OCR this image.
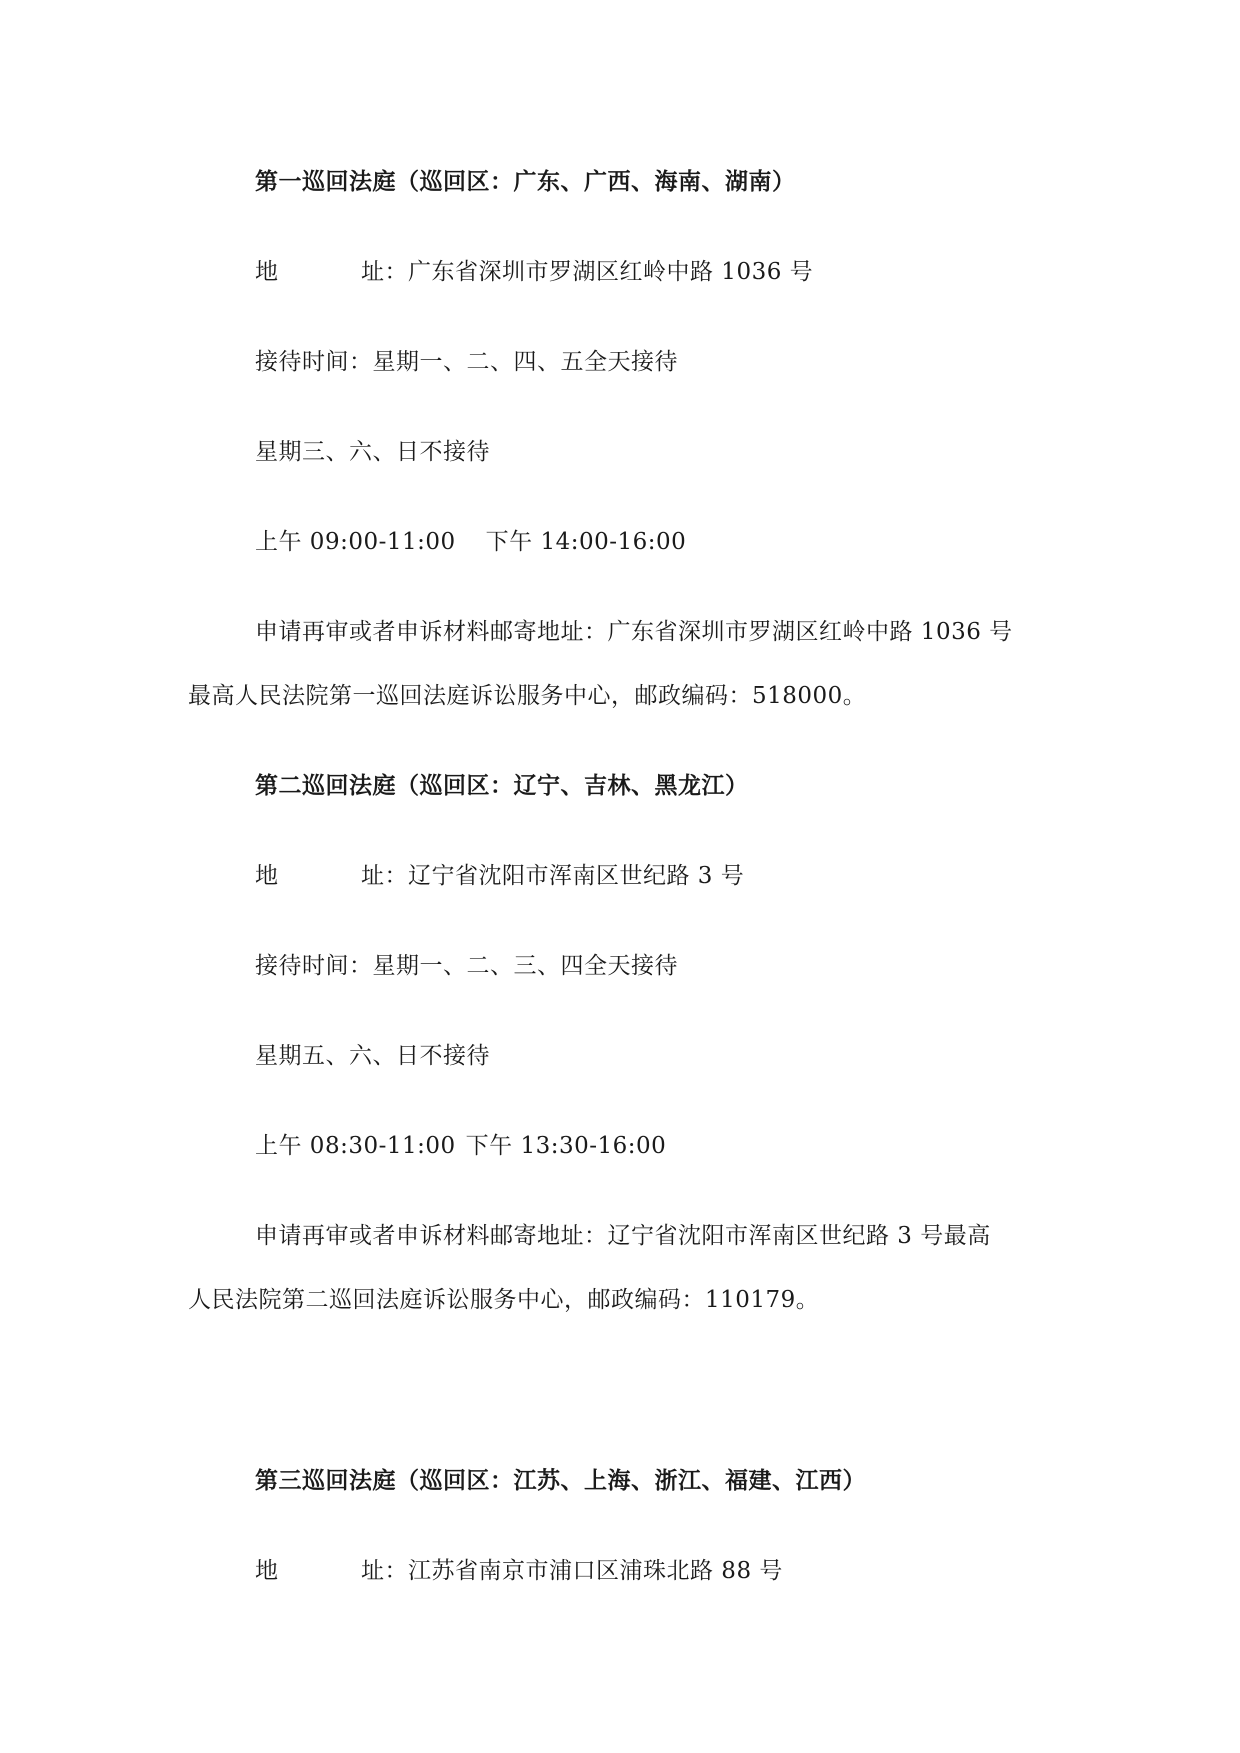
第一巡回法庭（巡回区：广东、广西、海南、湖南）
地	址：广东省深圳市罗湖区红岭中路 1036 号
接待时间：星期一、二、四、五全天接待
星期三、六、日不接待
上午 09:00-11:00 下午 14:00-16:00
申请再审或者申诉材料邮寄地址：广东省深圳市罗湖区红岭中路 1036 号
最高人民法院第一巡回法庭诉讼服务中心，邮政编码：518000。
第二巡回法庭（巡回区：辽宁、吉林、黑龙江）
地	址：辽宁省沈阳市浑南区世纪路 3 号
接待时间：星期一、二、三、四全天接待
星期五、六、日不接待
上午 08:30-11:00 下午 13:30-16:00
申请再审或者申诉材料邮寄地址：辽宁省沈阳市浑南区世纪路 3 号最高
人民法院第二巡回法庭诉讼服务中心，邮政编码：110179。
第三巡回法庭（巡回区：江苏、上海、浙江、福建、江西）
地	址：江苏省南京市浦口区浦珠北路 88 号
